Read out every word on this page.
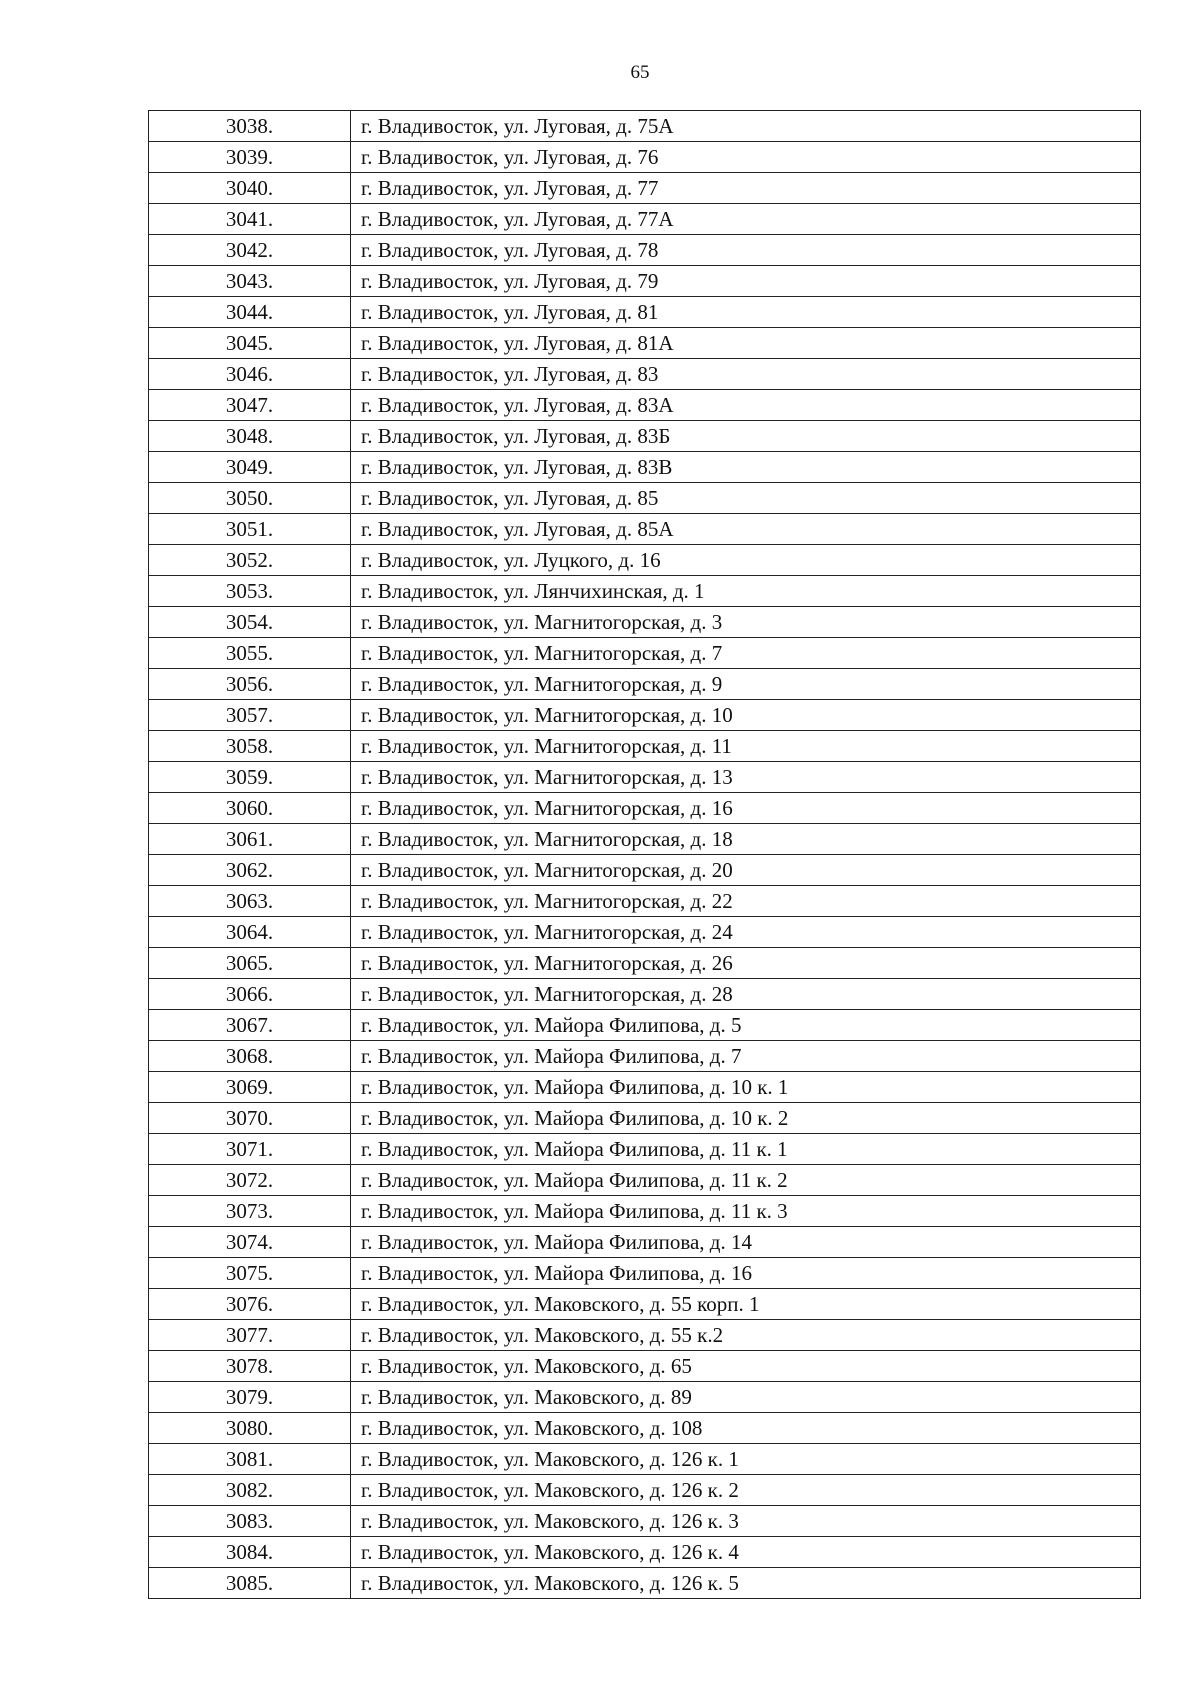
65
3038.	г. Владивосток, ул. Луговая, д. 75А
3039.	г. Владивосток, ул. Луговая, д. 76
3040.	г. Владивосток, ул. Луговая, д. 77
3041.	г. Владивосток, ул. Луговая, д. 77А
3042.	г. Владивосток, ул. Луговая, д. 78
3043.	г. Владивосток, ул. Луговая, д. 79
3044.	г. Владивосток, ул. Луговая, д. 81
3045.	г. Владивосток, ул. Луговая, д. 81А
3046.	г. Владивосток, ул. Луговая, д. 83
3047.	г. Владивосток, ул. Луговая, д. 83А
3048.	г. Владивосток, ул. Луговая, д. 83Б
3049.	г. Владивосток, ул. Луговая, д. 83В
3050.	г. Владивосток, ул. Луговая, д. 85
3051.	г. Владивосток, ул. Луговая, д. 85А
3052.	г. Владивосток, ул. Луцкого, д. 16
3053.	г. Владивосток, ул. Лянчихинская, д. 1
3054.	г. Владивосток, ул. Магнитогорская, д. 3
3055.	г. Владивосток, ул. Магнитогорская, д. 7
3056.	г. Владивосток, ул. Магнитогорская, д. 9
3057.	г. Владивосток, ул. Магнитогорская, д. 10
3058.	г. Владивосток, ул. Магнитогорская, д. 11
3059.	г. Владивосток, ул. Магнитогорская, д. 13
3060.	г. Владивосток, ул. Магнитогорская, д. 16
3061.	г. Владивосток, ул. Магнитогорская, д. 18
3062.	г. Владивосток, ул. Магнитогорская, д. 20
3063.	г. Владивосток, ул. Магнитогорская, д. 22
3064.	г. Владивосток, ул. Магнитогорская, д. 24
3065.	г. Владивосток, ул. Магнитогорская, д. 26
3066.	г. Владивосток, ул. Магнитогорская, д. 28
3067.	г. Владивосток, ул. Майора Филипова, д. 5
3068.	г. Владивосток, ул. Майора Филипова, д. 7
3069.	г. Владивосток, ул. Майора Филипова, д. 10 к. 1
3070.	г. Владивосток, ул. Майора Филипова, д. 10 к. 2
3071.	г. Владивосток, ул. Майора Филипова, д. 11 к. 1
3072.	г. Владивосток, ул. Майора Филипова, д. 11 к. 2
3073.	г. Владивосток, ул. Майора Филипова, д. 11 к. 3
3074.	г. Владивосток, ул. Майора Филипова, д. 14
3075.	г. Владивосток, ул. Майора Филипова, д. 16
3076.	г. Владивосток, ул. Маковского, д. 55 корп. 1
3077.	г. Владивосток, ул. Маковского, д. 55 к.2
3078.	г. Владивосток, ул. Маковского, д. 65
3079.	г. Владивосток, ул. Маковского, д. 89
3080.	г. Владивосток, ул. Маковского, д. 108
3081.	г. Владивосток, ул. Маковского, д. 126 к. 1
3082.	г. Владивосток, ул. Маковского, д. 126 к. 2
3083.	г. Владивосток, ул. Маковского, д. 126 к. 3
3084.	г. Владивосток, ул. Маковского, д. 126 к. 4
3085.	г. Владивосток, ул. Маковского, д. 126 к. 5
